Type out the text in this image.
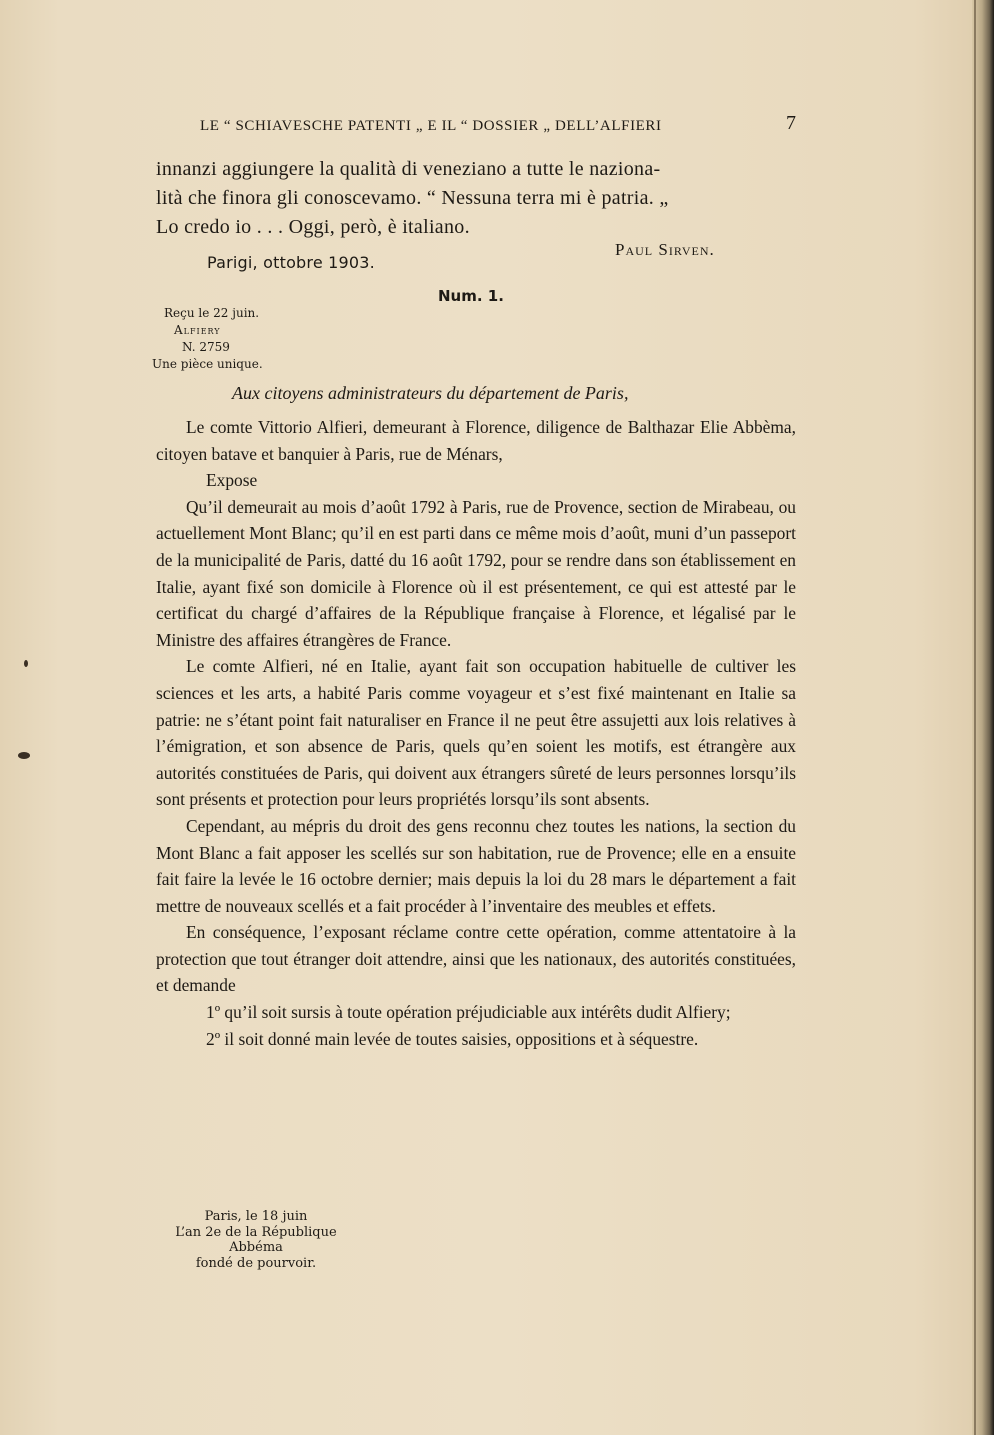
LE “ SCHIAVESCHE PATENTI „ E IL “ DOSSIER „ DELL’ALFIERI	7

innanzi aggiungere la qualità di veneziano a tutte le naziona-

lità che finora gli conoscevamo. “ Nessuna terra mi è patria. „

Lo credo io . . . Oggi, però, è italiano.

Paul Sirven.
Parigi, ottobre 1903.
Num. 1.
Reçu le 22 juin.
Alfiery
N. 2759
Une pièce unique.
Aux citoyens administrateurs du département de Paris,

Le comte Vittorio Alfieri, demeurant à Florence, diligence de Balthazar Elie Abbèma, citoyen batave et banquier à Paris, rue de Ménars,

Expose

Qu’il demeurait au mois d’août 1792 à Paris, rue de Provence, section de Mirabeau, ou actuellement Mont Blanc; qu’il en est parti dans ce même mois d’août, muni d’un passeport de la municipalité de Paris, datté du 16 août 1792, pour se rendre dans son établissement en Italie, ayant fixé son domicile à Florence où il est présentement, ce qui est attesté par le certificat du chargé d’affaires de la République française à Florence, et légalisé par le Ministre des affaires étrangères de France.

Le comte Alfieri, né en Italie, ayant fait son occupation habituelle de cultiver les sciences et les arts, a habité Paris comme voyageur et s’est fixé maintenant en Italie sa patrie: ne s’étant point fait naturaliser en France il ne peut être assujetti aux lois relatives à l’émigration, et son absence de Paris, quels qu’en soient les motifs, est étrangère aux autorités constituées de Paris, qui doivent aux étrangers sûreté de leurs personnes lorsqu’ils sont présents et protection pour leurs propriétés lorsqu’ils sont absents.

Cependant, au mépris du droit des gens reconnu chez toutes les nations, la section du Mont Blanc a fait apposer les scellés sur son habitation, rue de Provence; elle en a ensuite fait faire la levée le 16 octobre dernier; mais depuis la loi du 28 mars le département a fait mettre de nouveaux scellés et a fait procéder à l’inventaire des meubles et effets.

En conséquence, l’exposant réclame contre cette opération, comme attentatoire à la protection que tout étranger doit attendre, ainsi que les nationaux, des autorités constituées, et demande

1º qu’il soit sursis à toute opération préjudiciable aux intérêts dudit Alfiery;

2º il soit donné main levée de toutes saisies, oppositions et à séquestre.

Paris, le 18 juin
L’an 2e de la République
Abbéma
fondé de pourvoir.
